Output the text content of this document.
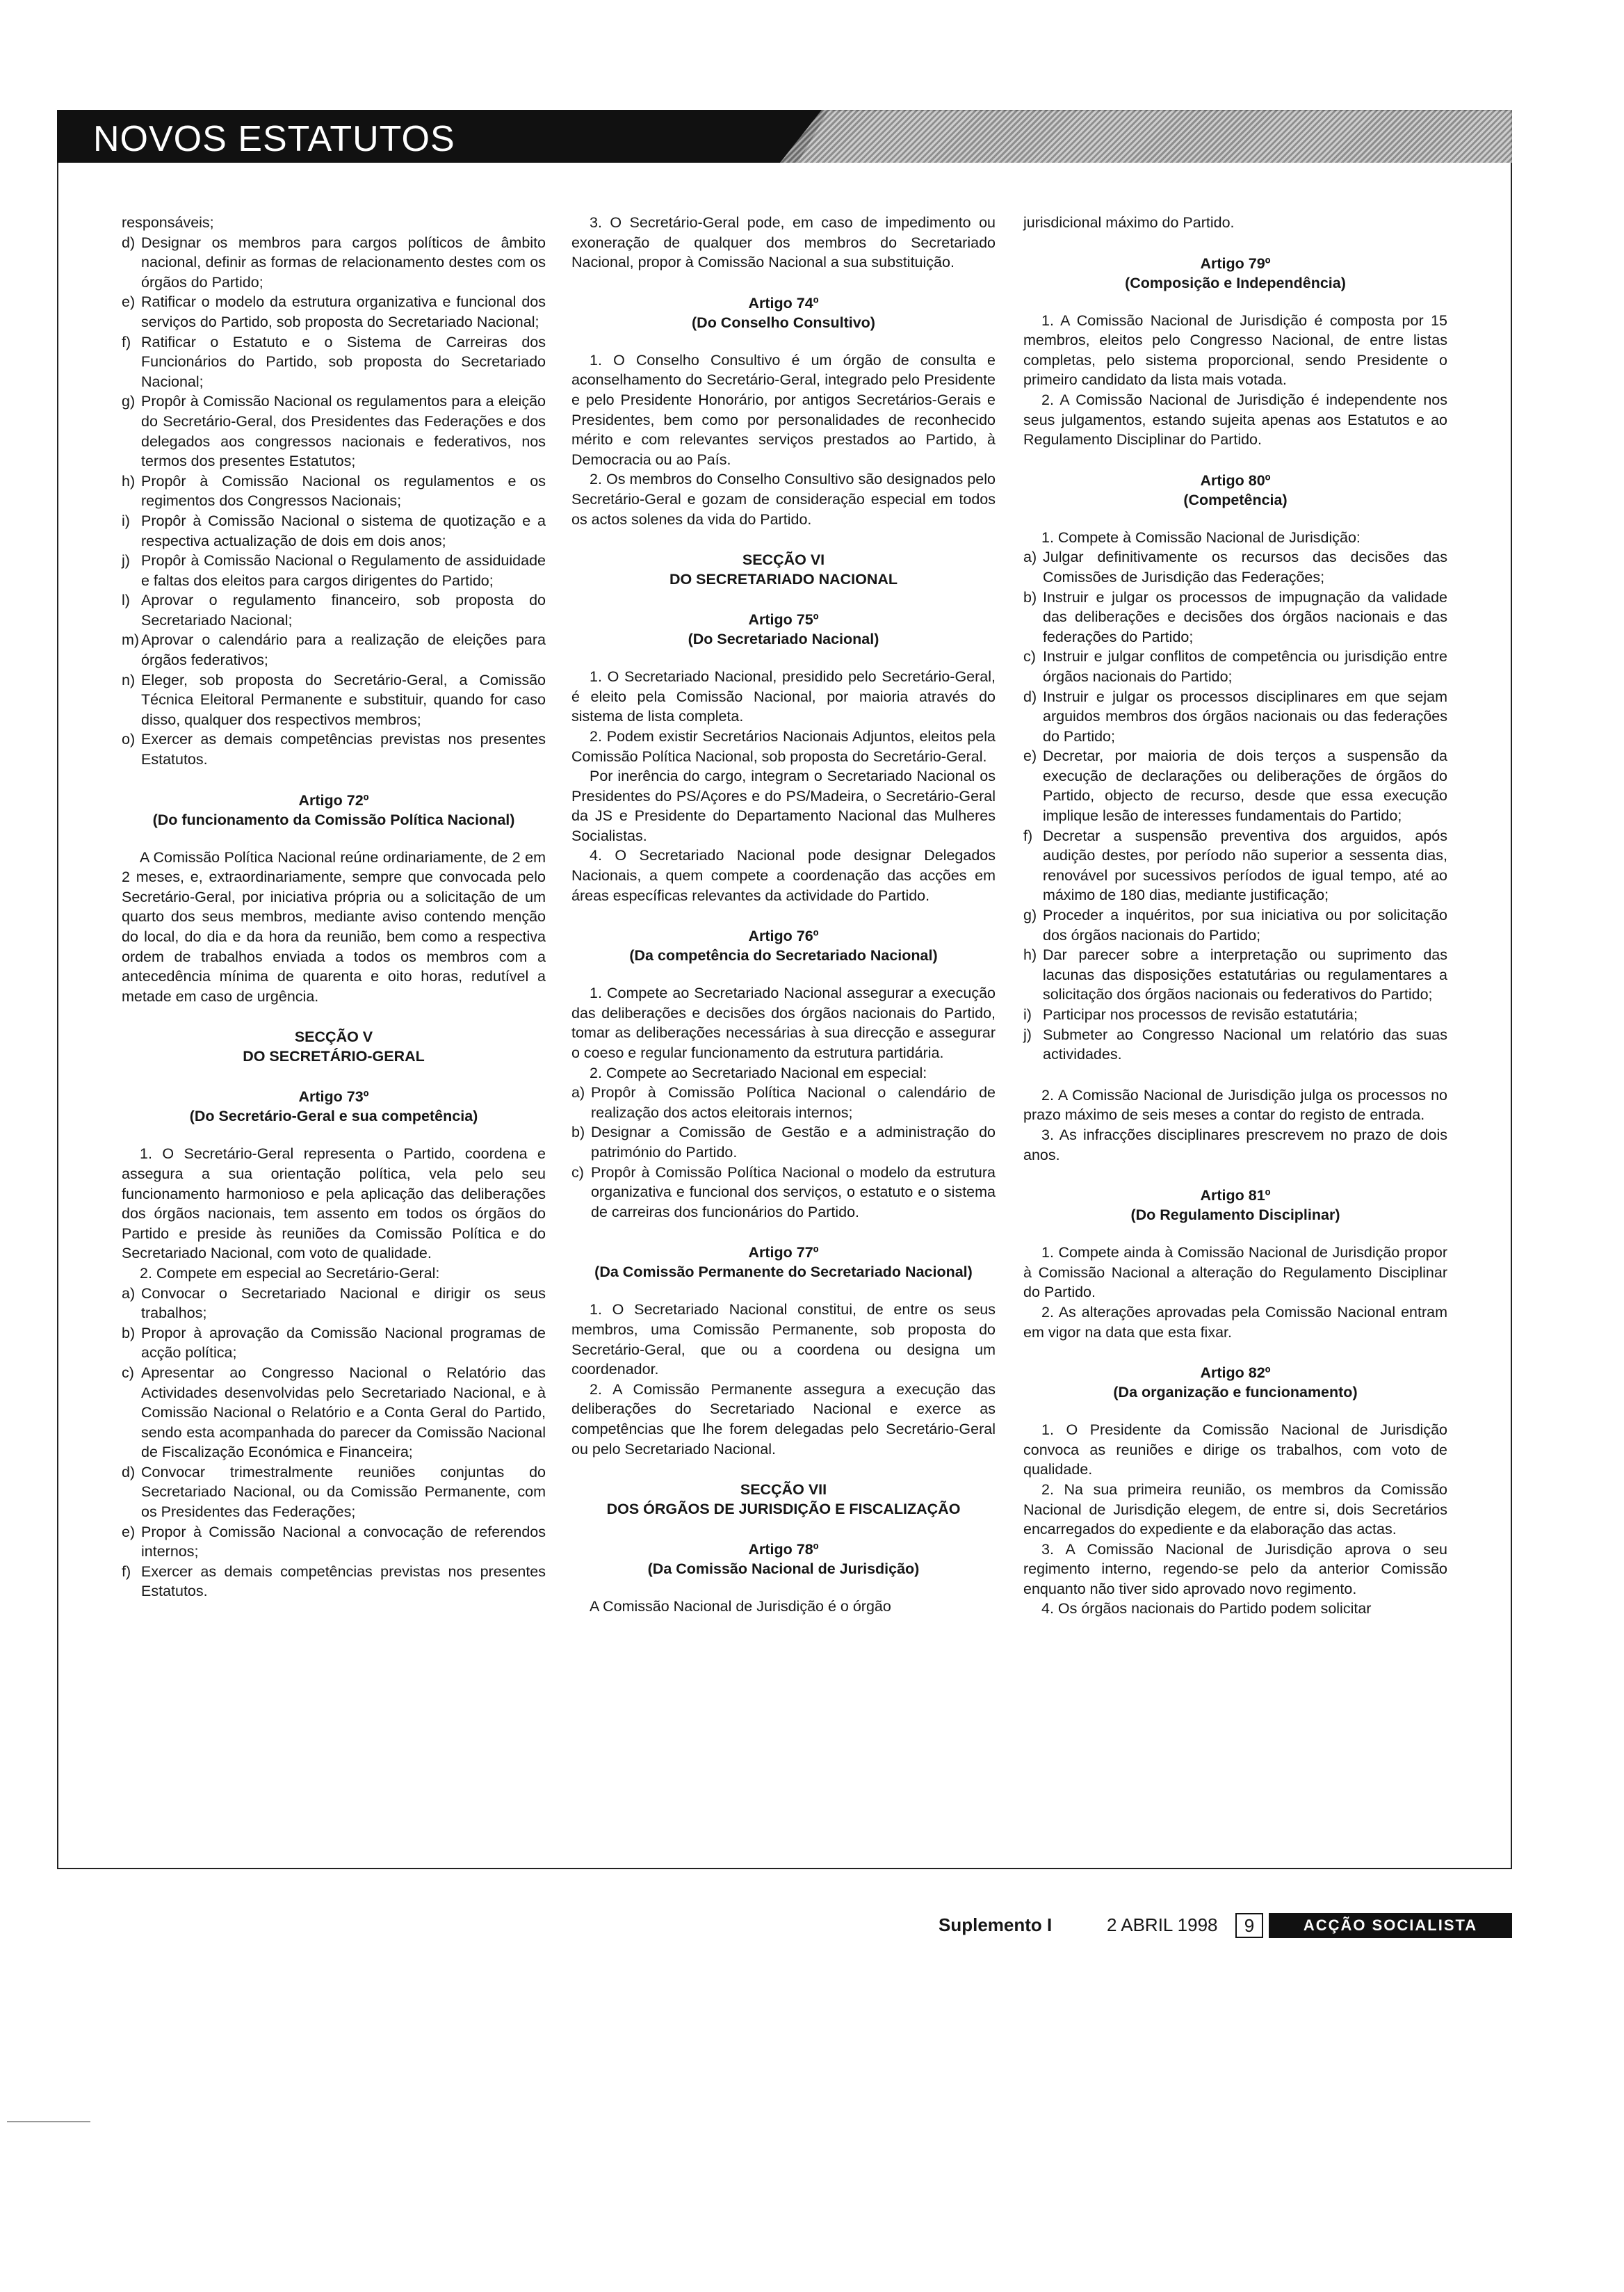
NOVOS ESTATUTOS

responsáveis;

d) Designar os membros para cargos políticos de âmbito nacional, definir as formas de relacionamento destes com os órgãos do Partido;
e) Ratificar o modelo da estrutura organizativa e funcional dos serviços do Partido, sob proposta do Secretariado Nacional;
f) Ratificar o Estatuto e o Sistema de Carreiras dos Funcionários do Partido, sob proposta do Secretariado Nacional;
g) Propôr à Comissão Nacional os regulamentos para a eleição do Secretário-Geral, dos Presidentes das Federações e dos delegados aos congressos nacionais e federativos, nos termos dos presentes Estatutos;
h) Propôr à Comissão Nacional os regulamentos e os regimentos dos Congressos Nacionais;
i) Propôr à Comissão Nacional o sistema de quotização e a respectiva actualização de dois em dois anos;
j) Propôr à Comissão Nacional o Regulamento de assiduidade e faltas dos eleitos para cargos dirigentes do Partido;
l) Aprovar o regulamento financeiro, sob proposta do Secretariado Nacional;
m) Aprovar o calendário para a realização de eleições para órgãos federativos;
n) Eleger, sob proposta do Secretário-Geral, a Comissão Técnica Eleitoral Permanente e substituir, quando for caso disso, qualquer dos respectivos membros;
o) Exercer as demais competências previstas nos presentes Estatutos.
Artigo 72º
(Do funcionamento da Comissão Política Nacional)

A Comissão Política Nacional reúne ordinariamente, de 2 em 2 meses, e, extraordinariamente, sempre que convocada pelo Secretário-Geral, por iniciativa própria ou a solicitação de um quarto dos seus membros, mediante aviso contendo menção do local, do dia e da hora da reunião, bem como a respectiva ordem de trabalhos enviada a todos os membros com a antecedência mínima de quarenta e oito horas, redutível a metade em caso de urgência.

SECÇÃO V
DO SECRETÁRIO-GERAL
Artigo 73º
(Do Secretário-Geral e sua competência)

1. O Secretário-Geral representa o Partido, coordena e assegura a sua orientação política, vela pelo seu funcionamento harmonioso e pela aplicação das deliberações dos órgãos nacionais, tem assento em todos os órgãos do Partido e preside às reuniões da Comissão Política e do Secretariado Nacional, com voto de qualidade.

2. Compete em especial ao Secretário-Geral:

a) Convocar o Secretariado Nacional e dirigir os seus trabalhos;
b) Propor à aprovação da Comissão Nacional programas de acção política;
c) Apresentar ao Congresso Nacional o Relatório das Actividades desenvolvidas pelo Secretariado Nacional, e à Comissão Nacional o Relatório e a Conta Geral do Partido, sendo esta acompanhada do parecer da Comissão Nacional de Fiscalização Económica e Financeira;
d) Convocar trimestralmente reuniões conjuntas do Secretariado Nacional, ou da Comissão Permanente, com os Presidentes das Federações;
e) Propor à Comissão Nacional a convocação de referendos internos;
f) Exercer as demais competências previstas nos presentes Estatutos.

3. O Secretário-Geral pode, em caso de impedimento ou exoneração de qualquer dos membros do Secretariado Nacional, propor à Comissão Nacional a sua substituição.

Artigo 74º
(Do Conselho Consultivo)

1. O Conselho Consultivo é um órgão de consulta e aconselhamento do Secretário-Geral, integrado pelo Presidente e pelo Presidente Honorário, por antigos Secretários-Gerais e Presidentes, bem como por personalidades de reconhecido mérito e com relevantes serviços prestados ao Partido, à Democracia ou ao País.

2. Os membros do Conselho Consultivo são designados pelo Secretário-Geral e gozam de consideração especial em todos os actos solenes da vida do Partido.

SECÇÃO VI
DO SECRETARIADO NACIONAL
Artigo 75º
(Do Secretariado Nacional)

1. O Secretariado Nacional, presidido pelo Secretário-Geral, é eleito pela Comissão Nacional, por maioria através do sistema de lista completa.

2. Podem existir Secretários Nacionais Adjuntos, eleitos pela Comissão Política Nacional, sob proposta do Secretário-Geral.

Por inerência do cargo, integram o Secretariado Nacional os Presidentes do PS/Açores e do PS/Madeira, o Secretário-Geral da JS e Presidente do Departamento Nacional das Mulheres Socialistas.

4. O Secretariado Nacional pode designar Delegados Nacionais, a quem compete a coordenação das acções em áreas específicas relevantes da actividade do Partido.

Artigo 76º
(Da competência do Secretariado Nacional)

1. Compete ao Secretariado Nacional assegurar a execução das deliberações e decisões dos órgãos nacionais do Partido, tomar as deliberações necessárias à sua direcção e assegurar o coeso e regular funcionamento da estrutura partidária.

2. Compete ao Secretariado Nacional em especial:

a) Propôr à Comissão Política Nacional o calendário de realização dos actos eleitorais internos;
b) Designar a Comissão de Gestão e a administração do património do Partido.
c) Propôr à Comissão Política Nacional o modelo da estrutura organizativa e funcional dos serviços, o estatuto e o sistema de carreiras dos funcionários do Partido.
Artigo 77º
(Da Comissão Permanente do Secretariado Nacional)

1. O Secretariado Nacional constitui, de entre os seus membros, uma Comissão Permanente, sob proposta do Secretário-Geral, que ou a coordena ou designa um coordenador.

2. A Comissão Permanente assegura a execução das deliberações do Secretariado Nacional e exerce as competências que lhe forem delegadas pelo Secretário-Geral ou pelo Secretariado Nacional.

SECÇÃO VII
DOS ÓRGÃOS DE JURISDIÇÃO E FISCALIZAÇÃO
Artigo 78º
(Da Comissão Nacional de Jurisdição)

A Comissão Nacional de Jurisdição é o órgão

jurisdicional máximo do Partido.

Artigo 79º
(Composição e Independência)

1. A Comissão Nacional de Jurisdição é composta por 15 membros, eleitos pelo Congresso Nacional, de entre listas completas, pelo sistema proporcional, sendo Presidente o primeiro candidato da lista mais votada.

2. A Comissão Nacional de Jurisdição é independente nos seus julgamentos, estando sujeita apenas aos Estatutos e ao Regulamento Disciplinar do Partido.

Artigo 80º
(Competência)

1. Compete à Comissão Nacional de Jurisdição:

a) Julgar definitivamente os recursos das decisões das Comissões de Jurisdição das Federações;
b) Instruir e julgar os processos de impugnação da validade das deliberações e decisões dos órgãos nacionais e das federações do Partido;
c) Instruir e julgar conflitos de competência ou jurisdição entre órgãos nacionais do Partido;
d) Instruir e julgar os processos disciplinares em que sejam arguidos membros dos órgãos nacionais ou das federações do Partido;
e) Decretar, por maioria de dois terços a suspensão da execução de declarações ou deliberações de órgãos do Partido, objecto de recurso, desde que essa execução implique lesão de interesses fundamentais do Partido;
f) Decretar a suspensão preventiva dos arguidos, após audição destes, por período não superior a sessenta dias, renovável por sucessivos períodos de igual tempo, até ao máximo de 180 dias, mediante justificação;
g) Proceder a inquéritos, por sua iniciativa ou por solicitação dos órgãos nacionais do Partido;
h) Dar parecer sobre a interpretação ou suprimento das lacunas das disposições estatutárias ou regulamentares a solicitação dos órgãos nacionais ou federativos do Partido;
i) Participar nos processos de revisão estatutária;
j) Submeter ao Congresso Nacional um relatório das suas actividades.

2. A Comissão Nacional de Jurisdição julga os processos no prazo máximo de seis meses a contar do registo de entrada.

3. As infracções disciplinares prescrevem no prazo de dois anos.

Artigo 81º
(Do Regulamento Disciplinar)

1. Compete ainda à Comissão Nacional de Jurisdição propor à Comissão Nacional a alteração do Regulamento Disciplinar do Partido.

2. As alterações aprovadas pela Comissão Nacional entram em vigor na data que esta fixar.

Artigo 82º
(Da organização e funcionamento)

1. O Presidente da Comissão Nacional de Jurisdição convoca as reuniões e dirige os trabalhos, com voto de qualidade.

2. Na sua primeira reunião, os membros da Comissão Nacional de Jurisdição elegem, de entre si, dois Secretários encarregados do expediente e da elaboração das actas.

3. A Comissão Nacional de Jurisdição aprova o seu regimento interno, regendo-se pelo da anterior Comissão enquanto não tiver sido aprovado novo regimento.

4. Os órgãos nacionais do Partido podem solicitar

Suplemento I	2 ABRIL 1998	9	ACÇÃO SOCIALISTA
